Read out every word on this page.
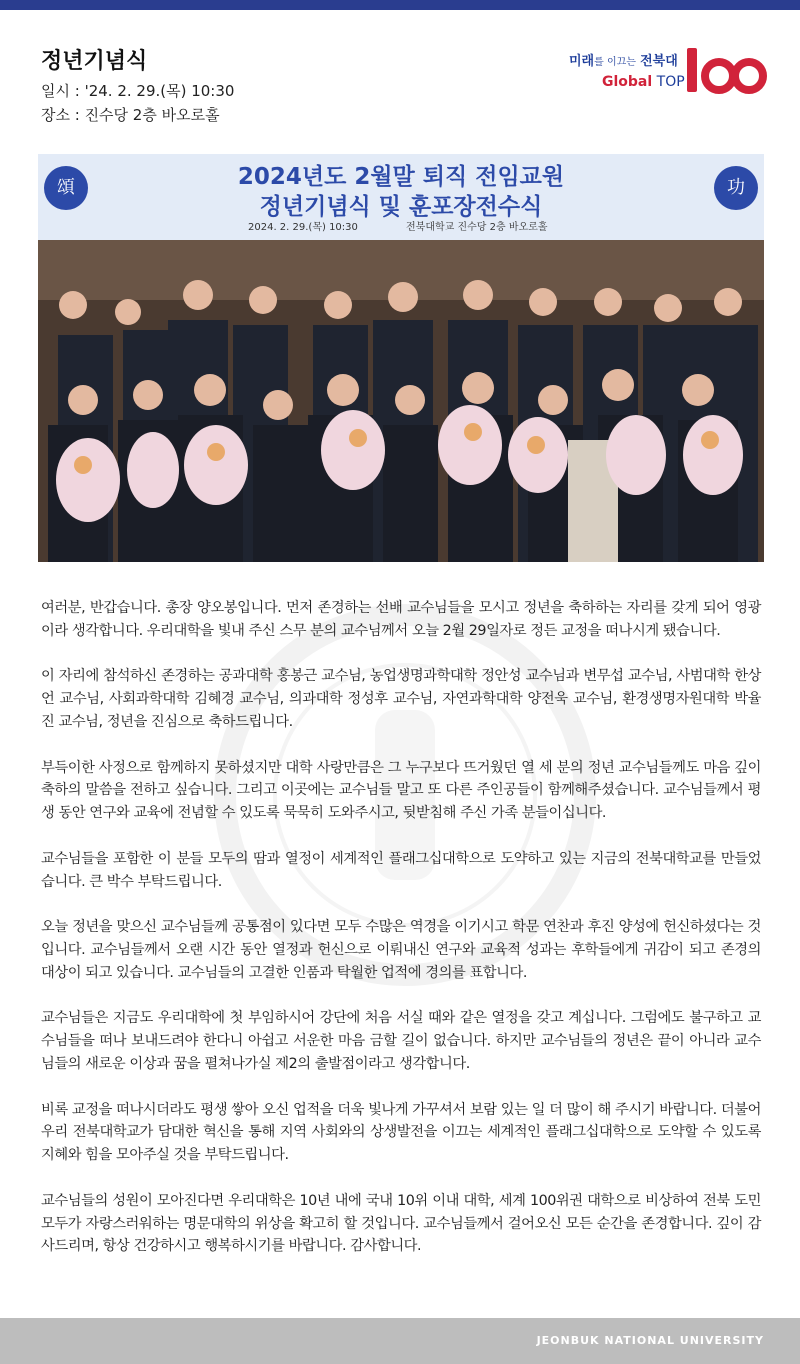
정년기념식
일시 : '24. 2. 29.(목) 10:30
장소 : 진수당 2층 바오로홀
미래를 이끄는 전북대
Global TOP
頌	功
2024년도 2월말 퇴직 전임교원
정년기념식 및 훈포장전수식
2024. 2. 29.(목) 10:30	전북대학교 진수당 2층 바오로홀

여러분, 반갑습니다. 총장 양오봉입니다. 먼저 존경하는 선배 교수님들을 모시고 정년을 축하하는 자리를 갖게 되어 영광이라 생각합니다. 우리대학을 빛내 주신 스무 분의 교수님께서 오늘 2월 29일자로 정든 교정을 떠나시게 됐습니다.

이 자리에 참석하신 존경하는 공과대학 홍봉근 교수님, 농업생명과학대학 정안성 교수님과 변무섭 교수님, 사범대학 한상언 교수님, 사회과학대학 김혜경 교수님, 의과대학 정성후 교수님, 자연과학대학 양전욱 교수님, 환경생명자원대학 박율진 교수님, 정년을 진심으로 축하드립니다.

부득이한 사정으로 함께하지 못하셨지만 대학 사랑만큼은 그 누구보다 뜨거웠던 열 세 분의 정년 교수님들께도 마음 깊이 축하의 말씀을 전하고 싶습니다. 그리고 이곳에는 교수님들 말고 또 다른 주인공들이 함께해주셨습니다. 교수님들께서 평생 동안 연구와 교육에 전념할 수 있도록 묵묵히 도와주시고, 뒷받침해 주신 가족 분들이십니다.

교수님들을 포함한 이 분들 모두의 땀과 열정이 세계적인 플래그십대학으로 도약하고 있는 지금의 전북대학교를 만들었습니다. 큰 박수 부탁드립니다.

오늘 정년을 맞으신 교수님들께 공통점이 있다면 모두 수많은 역경을 이기시고 학문 연찬과 후진 양성에 헌신하셨다는 것입니다. 교수님들께서 오랜 시간 동안 열정과 헌신으로 이뤄내신 연구와 교육적 성과는 후학들에게 귀감이 되고 존경의 대상이 되고 있습니다. 교수님들의 고결한 인품과 탁월한 업적에 경의를 표합니다.

교수님들은 지금도 우리대학에 첫 부임하시어 강단에 처음 서실 때와 같은 열정을 갖고 계십니다. 그럼에도 불구하고 교수님들을 떠나 보내드려야 한다니 아쉽고 서운한 마음 금할 길이 없습니다. 하지만 교수님들의 정년은 끝이 아니라 교수님들의 새로운 이상과 꿈을 펼쳐나가실 제2의 출발점이라고 생각합니다.

비록 교정을 떠나시더라도 평생 쌓아 오신 업적을 더욱 빛나게 가꾸셔서 보람 있는 일 더 많이 해 주시기 바랍니다. 더불어 우리 전북대학교가 담대한 혁신을 통해 지역 사회와의 상생발전을 이끄는 세계적인 플래그십대학으로 도약할 수 있도록 지혜와 힘을 모아주실 것을 부탁드립니다.

교수님들의 성원이 모아진다면 우리대학은 10년 내에 국내 10위 이내 대학, 세계 100위권 대학으로 비상하여 전북 도민 모두가 자랑스러워하는 명문대학의 위상을 확고히 할 것입니다. 교수님들께서 걸어오신 모든 순간을 존경합니다. 깊이 감사드리며, 항상 건강하시고 행복하시기를 바랍니다. 감사합니다.

JEONBUK NATIONAL UNIVERSITY
